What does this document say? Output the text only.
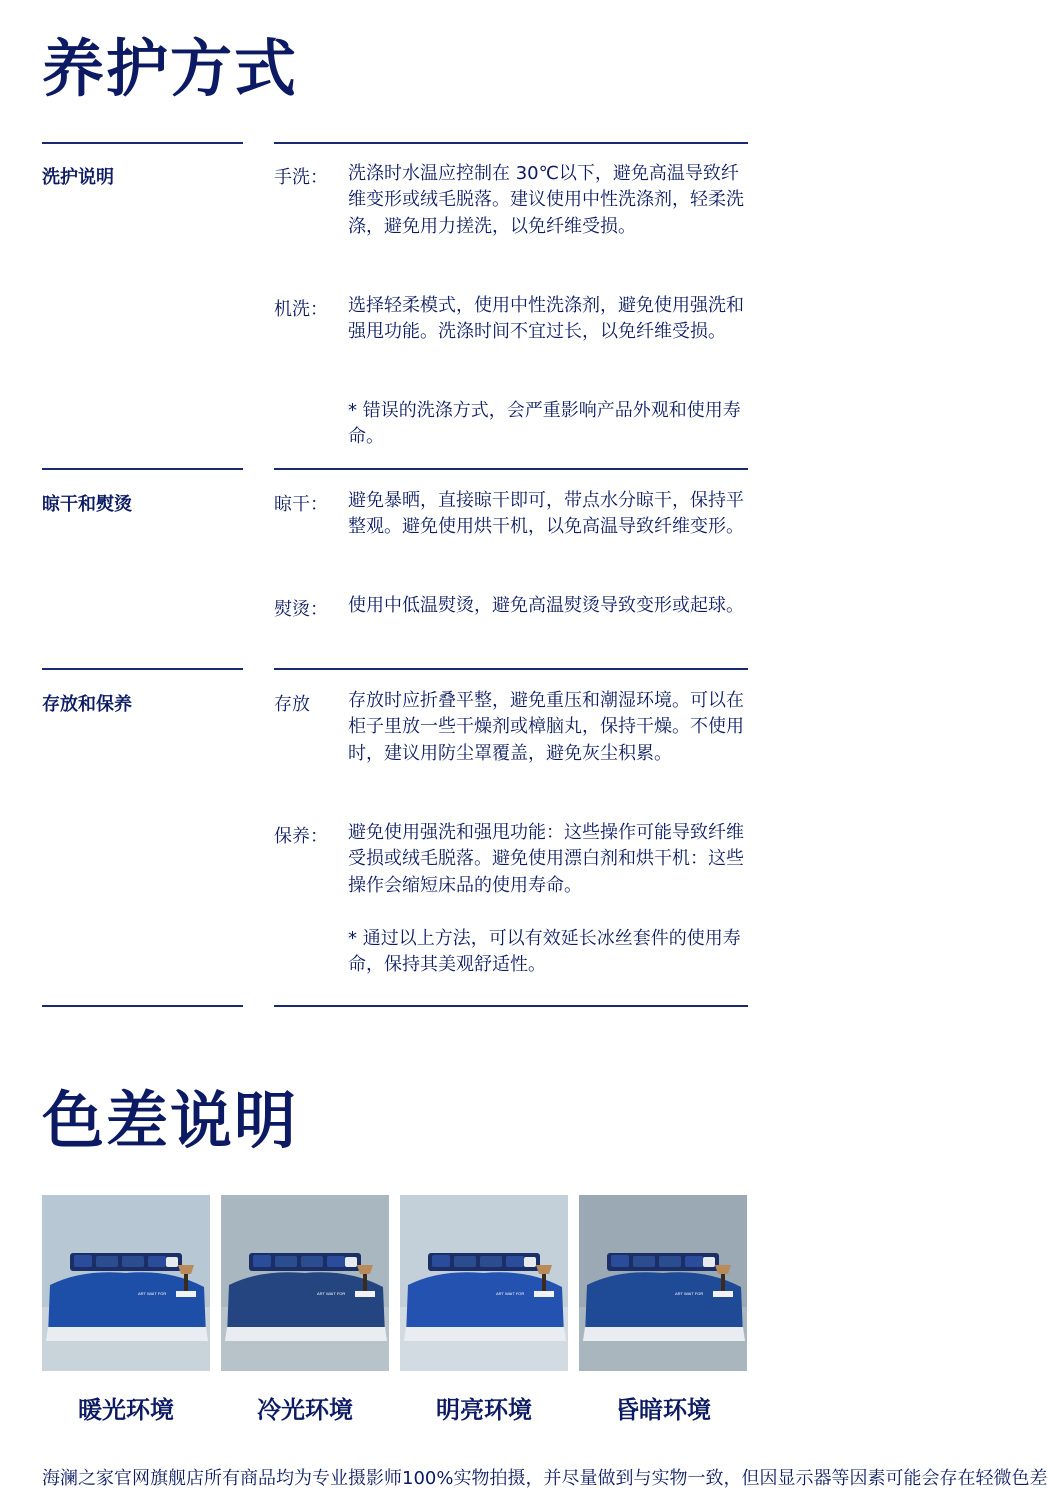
养护方式
洗护说明	手洗： 洗涤时水温应控制在 30℃以下，避免高温导致纤维变形或绒毛脱落。建议使用中性洗涤剂，轻柔洗涤，避免用力搓洗，以免纤维受损。
机洗： 选择轻柔模式，使用中性洗涤剂，避免使用强洗和强甩功能。洗涤时间不宜过长，以免纤维受损。
* 错误的洗涤方式，会严重影响产品外观和使用寿命。
晾干和熨烫	晾干： 避免暴晒，直接晾干即可，带点水分晾干，保持平整观。避免使用烘干机，以免高温导致纤维变形。
熨烫： 使用中低温熨烫，避免高温熨烫导致变形或起球。
存放和保养	存放 存放时应折叠平整，避免重压和潮湿环境。可以在柜子里放一些干燥剂或樟脑丸，保持干燥。不使用时，建议用防尘罩覆盖，避免灰尘积累。
保养： 避免使用强洗和强甩功能：这些操作可能导致纤维受损或绒毛脱落。避免使用漂白剂和烘干机：这些操作会缩短床品的使用寿命。
* 通过以上方法，可以有效延长冰丝套件的使用寿命，保持其美观舒适性。
色差说明
ART WAIT FOR
暖光环境
ART WAIT FOR
冷光环境
ART WAIT FOR
明亮环境
ART WAIT FOR
昏暗环境
海澜之家官网旗舰店所有商品均为专业摄影师100%实物拍摄，并尽量做到与实物一致，但因显示器等因素可能会存在轻微色差
